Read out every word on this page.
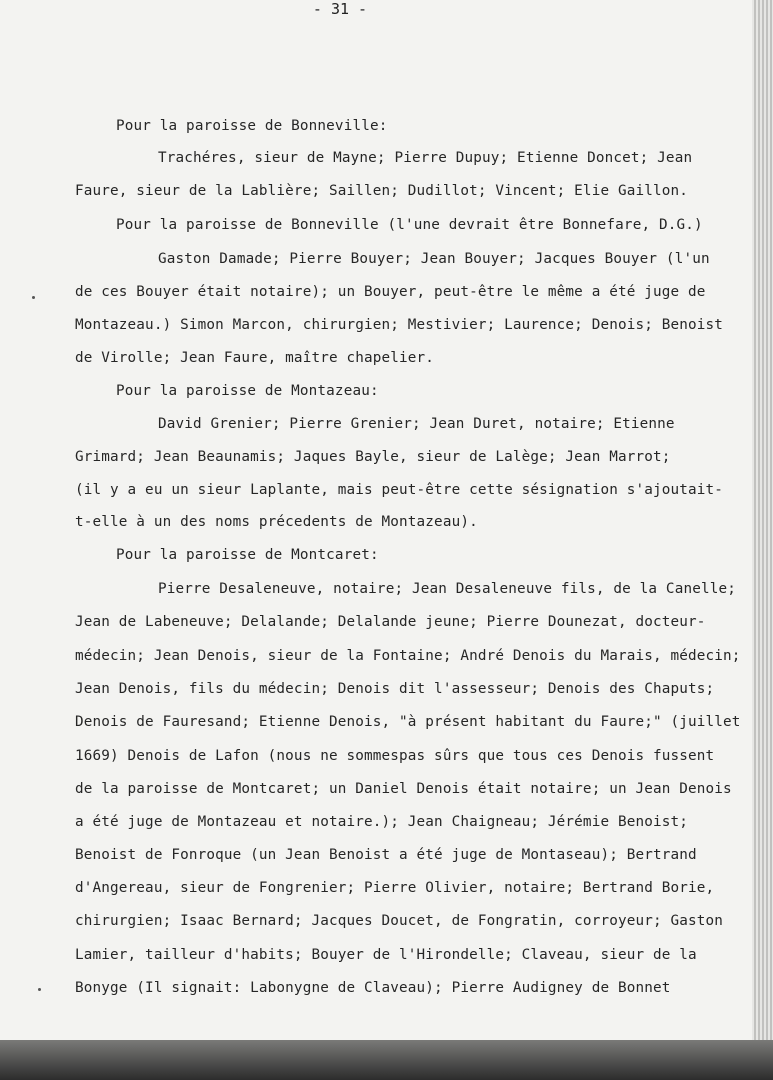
- 31 -
Pour la paroisse de Bonneville:
Trachéres, sieur de Mayne; Pierre Dupuy; Etienne Doncet; Jean
Faure, sieur de la Lablière; Saillen; Dudillot; Vincent; Elie Gaillon.
Pour la paroisse de Bonneville (l'une devrait être Bonnefare, D.G.)
Gaston Damade; Pierre Bouyer; Jean Bouyer; Jacques Bouyer (l'un
de ces Bouyer était notaire); un Bouyer, peut-être le même a été juge de
Montazeau.) Simon Marcon, chirurgien; Mestivier; Laurence; Denois; Benoist
de Virolle; Jean Faure, maître chapelier.
Pour la paroisse de Montazeau:
David Grenier; Pierre Grenier; Jean Duret, notaire; Etienne
Grimard; Jean Beaunamis; Jaques Bayle, sieur de Lalège; Jean Marrot;
(il y a eu un sieur Laplante, mais peut-être cette sésignation s'ajoutait-
t-elle à un des noms précedents de Montazeau).
Pour la paroisse de Montcaret:
Pierre Desaleneuve, notaire; Jean Desaleneuve fils, de la Canelle;
Jean de Labeneuve; Delalande; Delalande jeune; Pierre Dounezat, docteur-
médecin; Jean Denois, sieur de la Fontaine; André Denois du Marais, médecin;
Jean Denois, fils du médecin; Denois dit l'assesseur; Denois des Chaputs;
Denois de Fauresand; Etienne Denois, "à présent habitant du Faure;" (juillet
1669) Denois de Lafon (nous ne sommespas sûrs que tous ces Denois fussent
de la paroisse de Montcaret; un Daniel Denois était notaire; un Jean Denois
a été juge de Montazeau et notaire.); Jean Chaigneau; Jérémie Benoist;
Benoist de Fonroque (un Jean Benoist a été juge de Montaseau); Bertrand
d'Angereau, sieur de Fongrenier; Pierre Olivier, notaire; Bertrand Borie,
chirurgien; Isaac Bernard; Jacques Doucet, de Fongratin, corroyeur; Gaston
Lamier, tailleur d'habits; Bouyer de l'Hirondelle; Claveau, sieur de la
Bonyge (Il signait: Labonygne de Claveau); Pierre Audigney de Bonnet
